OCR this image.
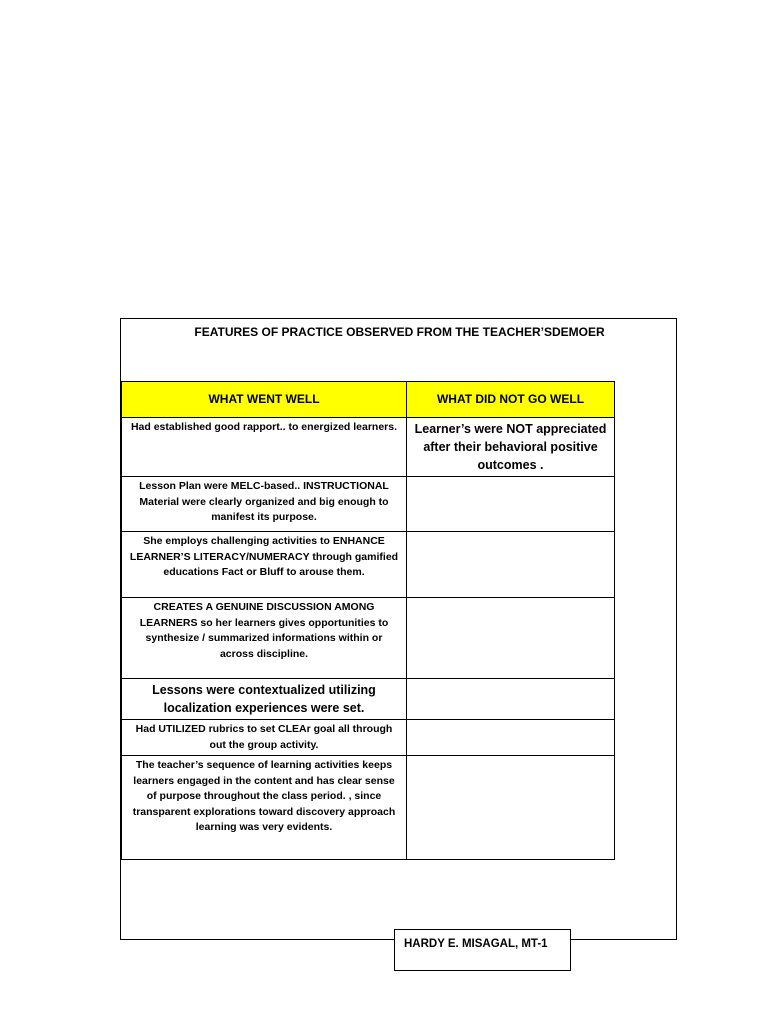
FEATURES OF PRACTICE OBSERVED FROM THE TEACHER’SDEMOER
WHAT WENT WELL	WHAT DID NOT GO WELL
Had established good rapport.. to energized learners.	Learner’s were NOT appreciated after their behavioral positive outcomes .
Lesson Plan were MELC-based.. INSTRUCTIONAL Material were clearly organized and big enough to manifest its purpose.	
She employs challenging activities to ENHANCE LEARNER’S LITERACY/NUMERACY through gamified educations Fact or Bluff to arouse them.	
CREATES A GENUINE DISCUSSION AMONG LEARNERS so her learners gives opportunities to synthesize / summarized informations within or across discipline.	
Lessons were contextualized utilizing localization experiences were set.	
Had UTILIZED rubrics to set CLEAr goal all through out the group activity.	
The teacher’s sequence of learning activities keeps learners engaged in the content and has clear sense of purpose throughout the class period. , since transparent explorations toward discovery approach learning was very evidents.	
HARDY E. MISAGAL, MT-1
